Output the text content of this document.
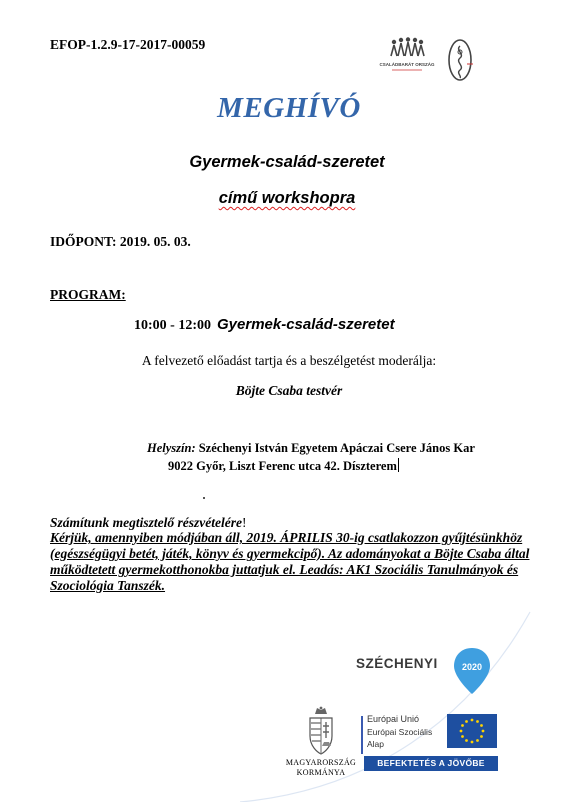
EFOP-1.2.9-17-2017-00059
CSALÁDBARÁT ORSZÁG
MEGHÍVÓ
Gyermek-család-szeretet
című workshopra
IDŐPONT: 2019. 05. 03.
PROGRAM:
10:00 - 12:00 Gyermek-család-szeretet
A felvezető előadást tartja és a beszélgetést moderálja:
Böjte Csaba testvér
Helyszín: Széchenyi István Egyetem Apáczai Csere János Kar
9022 Győr, Liszt Ferenc utca 42. Díszterem
Számítunk megtisztelő részvételére!
Kérjük, amennyiben módjában áll, 2019. ÁPRILIS 30-ig csatlakozzon gyűjtésünkhöz (egészségügyi betét, játék, könyv és gyermekcipő). Az adományokat a Böjte Csaba által működtetett gyermekotthonokba juttatjuk el. Leadás: AK1 Szociális Tanulmányok és Szociológia Tanszék.
SZÉCHENYI	2020
MAGYARORSZÁG
KORMÁNYA
Európai Unió
Európai Szociális
Alap
BEFEKTETÉS A JÖVŐBE
